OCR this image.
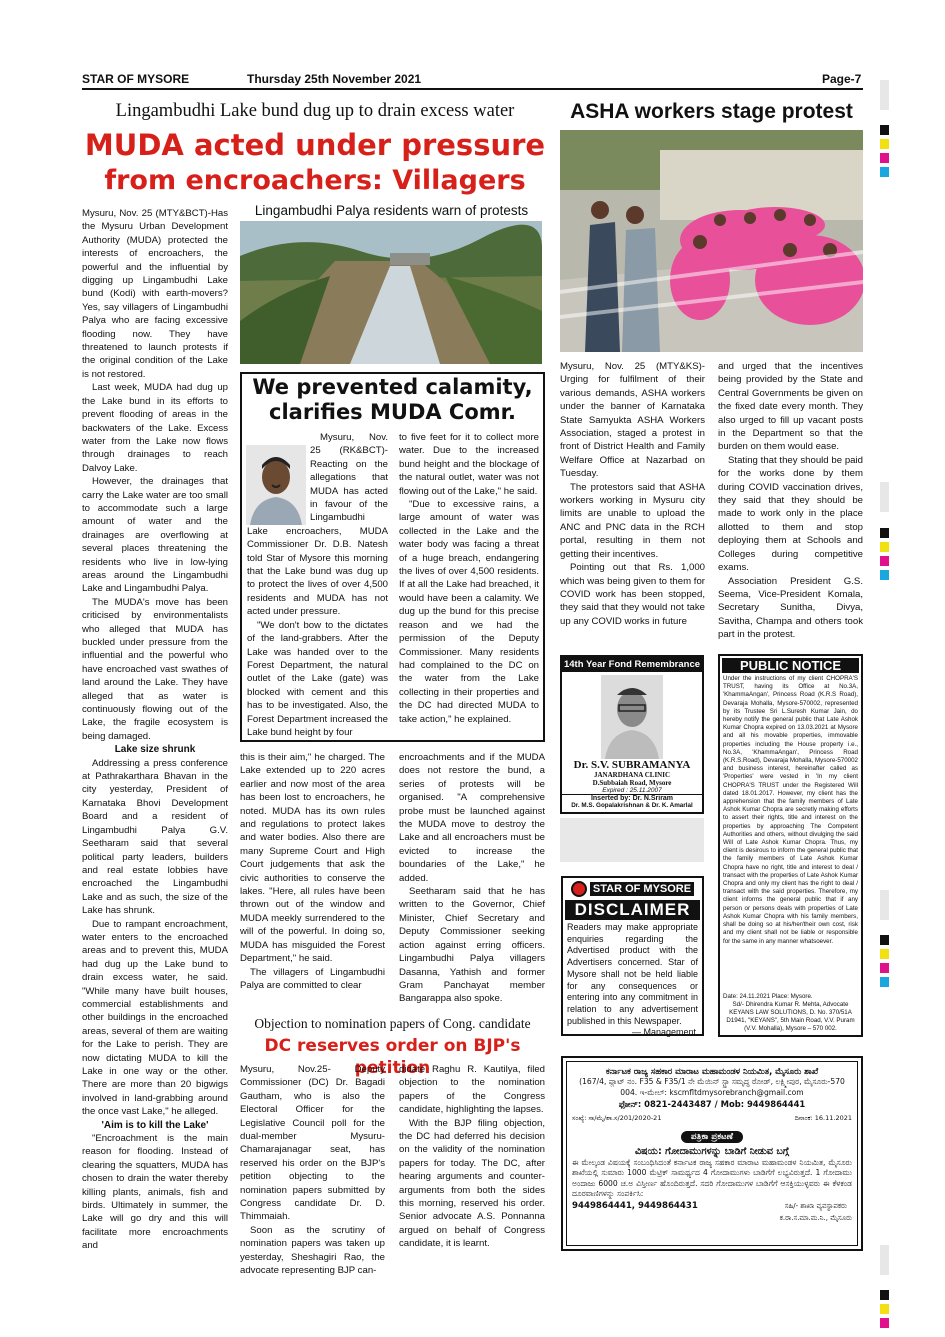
STAR OF MYSORE	Thursday 25th November 2021	Page-7
Lingambudhi Lake bund dug up to drain excess water
MUDA acted under pressure
from encroachers: Villagers
Lingambudhi Palya residents warn of protests

Mysuru, Nov. 25 (MTY&BCT)-Has the Mysuru Urban Development Authority (MUDA) protected the interests of encroachers, the powerful and the influential by digging up Lingambudhi Lake bund (Kodi) with earth-movers? Yes, say villagers of Lingambudhi Palya who are facing excessive flooding now. They have threatened to launch protests if the original condition of the Lake is not restored.

Last week, MUDA had dug up the Lake bund in its efforts to prevent flooding of areas in the backwaters of the Lake. Excess water from the Lake now flows through drainages to reach Dalvoy Lake.

However, the drainages that carry the Lake water are too small to accommodate such a large amount of water and the drainages are overflowing at several places threatening the residents who live in low-lying areas around the Lingambudhi Lake and Lingambudhi Palya.

The MUDA's move has been criticised by environmentalists who alleged that MUDA has buckled under pressure from the influential and the powerful who have encroached vast swathes of land around the Lake. They have alleged that as water is continuously flowing out of the Lake, the fragile ecosystem is being damaged.

Lake size shrunk

Addressing a press conference at Pathrakarthara Bhavan in the city yesterday, President of Karnataka Bhovi Development Board and a resident of Lingambudhi Palya G.V. Seetharam said that several political party leaders, builders and real estate lobbies have encroached the Lingambudhi Lake and as such, the size of the Lake has shrunk.

Due to rampant encroachment, water enters to the encroached areas and to prevent this, MUDA had dug up the Lake bund to drain excess water, he said. "While many have built houses, commercial establishments and other buildings in the encroached areas, several of them are waiting for the Lake to perish. They are now dictating MUDA to kill the Lake in one way or the other. There are more than 20 bigwigs involved in land-grabbing around the once vast Lake," he alleged.

'Aim is to kill the Lake'

"Encroachment is the main reason for flooding. Instead of clearing the squatters, MUDA has chosen to drain the water thereby killing plants, animals, fish and birds. Ultimately in summer, the Lake will go dry and this will facilitate more encroachments and

this is their aim," he charged. The Lake extended up to 220 acres earlier and now most of the area has been lost to encroachers, he noted. MUDA has its own rules and regulations to protect lakes and water bodies. Also there are many Supreme Court and High Court judgements that ask the civic authorities to conserve the lakes. "Here, all rules have been thrown out of the window and MUDA meekly surrendered to the will of the powerful. In doing so, MUDA has misguided the Forest Department," he said.

The villagers of Lingambudhi Palya are committed to clear

encroachments and if the MUDA does not restore the bund, a series of protests will be organised. "A comprehensive probe must be launched against the MUDA move to destroy the Lake and all encroachers must be evicted to increase the boundaries of the Lake," he added.

Seetharam said that he has written to the Governor, Chief Minister, Chief Secretary and Deputy Commissioner seeking action against erring officers. Lingambudhi Palya villagers Dasanna, Yathish and former Gram Panchayat member Bangarappa also spoke.

We prevented calamity,
clarifies MUDA Comr.

Mysuru, Nov. 25 (RK&BCT)-Reacting on the allegations that MUDA has acted in favour of the Lingambudhi Lake encroachers, MUDA Commissioner Dr. D.B. Natesh told Star of Mysore this morning that the Lake bund was dug up to protect the lives of over 4,500 residents and MUDA has not acted under pressure.

"We don't bow to the dictates of the land-grabbers. After the Lake was handed over to the Forest Department, the natural outlet of the Lake (gate) was blocked with cement and this has to be investigated. Also, the Forest Department increased the Lake bund height by four

to five feet for it to collect more water. Due to the increased bund height and the blockage of the natural outlet, water was not flowing out of the Lake," he said.

"Due to excessive rains, a large amount of water was collected in the Lake and the water body was facing a threat of a huge breach, endangering the lives of over 4,500 residents. If at all the Lake had breached, it would have been a calamity. We dug up the bund for this precise reason and we had the permission of the Deputy Commissioner. Many residents had complained to the DC on the water from the Lake collecting in their properties and the DC had directed MUDA to take action," he explained.

Objection to nomination papers of Cong. candidate
DC reserves order on BJP's petition

Mysuru, Nov.25- Deputy Commissioner (DC) Dr. Bagadi Gautham, who is also the Electoral Officer for the Legislative Council poll for the dual-member Mysuru-Chamarajanagar seat, has reserved his order on the BJP's petition objecting to the nomination papers submitted by Congress candidate Dr. D. Thimmaiah.

Soon as the scrutiny of nomination papers was taken up yesterday, Sheshagiri Rao, the advocate representing BJP can-

didate Raghu R. Kautilya, filed objection to the nomination papers of the Congress candidate, highlighting the lapses.

With the BJP filing objection, the DC had deferred his decision on the validity of the nomination papers for today. The DC, after hearing arguments and counter-arguments from both the sides this morning, reserved his order. Senior advocate A.S. Ponnanna argued on behalf of Congress candidate, it is learnt.

ASHA workers stage protest

Mysuru, Nov. 25 (MTY&KS)-Urging for fulfilment of their various demands, ASHA workers under the banner of Karnataka State Samyukta ASHA Workers Association, staged a protest in front of District Health and Family Welfare Office at Nazarbad on Tuesday.

The protestors said that ASHA workers working in Mysuru city limits are unable to upload the ANC and PNC data in the RCH portal, resulting in them not getting their incentives.

Pointing out that Rs. 1,000 which was being given to them for COVID work has been stopped, they said that they would not take up any COVID works in future

and urged that the incentives being provided by the State and Central Governments be given on the fixed date every month. They also urged to fill up vacant posts in the Department so that the burden on them would ease.

Stating that they should be paid for the works done by them during COVID vaccination drives, they said that they should be made to work only in the place allotted to them and stop deploying them at Schools and Colleges during competitive exams.

Association President G.S. Seema, Vice-President Komala, Secretary Sunitha, Divya, Savitha, Champa and others took part in the protest.

14th Year Fond Remembrance
Dr. S.V. SUBRAMANYA
JANARDHANA CLINIC
D.Subbaiah Road, Mysore
Expired : 25.11.2007
Inserted by: Dr. N.Sriram
Dr. M.S. Gopalakrishnan & Dr. K. Amarlal
STAR OF MYSORE
DISCLAIMER
Readers may make appropriate enquiries regarding the Advertised product with the Advertisers concerned. Star of Mysore shall not be held liable for any consequences or entering into any commitment in relation to any advertisement published in this Newspaper.
— Management
PUBLIC NOTICE
Under the instructions of my client CHOPRA'S TRUST, having its Office at No.3A, 'KhammaAngan', Princess Road (K.R.S Road), Devaraja Mohalla, Mysore-570002, represented by its Trustee Sri L.Suresh Kumar Jain, do hereby notify the general public that Late Ashok Kumar Chopra expired on 13.03.2021 at Mysore and all his movable properties, immovable properties including the House property i.e., No.3A, 'KhammaAngan', Princess Road (K.R.S.Road), Devaraja Mohalla, Mysore-570002 and business interest, hereinafter called as 'Properties' were vested in 'In my client CHOPRA'S TRUST under the Registered Will dated 18.01.2017. However, my client has the apprehension that the family members of Late Ashok Kumar Chopra are secretly making efforts to assert their rights, title and interest on the properties by approaching The Competent Authorities and others, without divulging the said Will of Late Ashok Kumar Chopra. Thus, my client is desirous to inform the general public that the family members of Late Ashok Kumar Chopra have no right, title and interest to deal / transact with the properties of Late Ashok Kumar Chopra and only my client has the right to deal / transact with the said properties. Therefore, my client informs the general public that if any person or persons deals with properties of Late Ashok Kumar Chopra with his family members, shall be doing so at his/her/their own cost, risk and my client shall not be liable or responsible for the same in any manner whatsoever.
Date: 24.11.2021 Place: Mysore.
Sd/- Dhirendra Kumar R. Mehta, Advocate KEYANS LAW SOLUTIONS, D. No. 370/51A D1941, "KEYANS", 5th Main Road, V.V. Puram (V.V. Mohalla), Mysore – 570 002.
ಕರ್ನಾಟಕ ರಾಜ್ಯ ಸಹಕಾರ ಮಾರಾಟ ಮಹಾಮಂಡಳ ನಿಯಮಿತ, ಮೈಸೂರು ಶಾಖೆ
(167/4, ಪ್ಲಾಟ್ ನಂ. F35 & F35/1 ನೇ ಮೆಯಿನ್ ಸ್ಟ್ರಾ ಸಮೃದ್ಧ ರೋಡ್, ಲಕ್ಷ್ಮೀಪುರ, ಮೈಸೂರು-570 004. ಇ-ಮೇಲ್: kscmfltdmysorebranch@gmail.com
ಫೋನ್: 0821-2443487 / Mob: 9449864441
ಸಂಖ್ಯೆ: ಸಾ/ಮೈ/ಶಾ.ಸ/201/2020-21	ದಿನಾಂಕ: 16.11.2021
ಪತ್ರಿಕಾ ಪ್ರಕಟಣೆ
ವಿಷಯ: ಗೋದಾಮುಗಳನ್ನು ಬಾಡಿಗೆ ನೀಡುವ ಬಗ್ಗೆ
ಈ ಮೇಲ್ಕಂಡ ವಿಷಯಕ್ಕೆ ಸಂಬಂಧಿಸಿದಂತೆ ಕರ್ನಾಟಕ ರಾಜ್ಯ ಸಹಕಾರ ಮಾರಾಟ ಮಹಾಮಂಡಳ ನಿಯಮಿತ, ಮೈಸೂರು ಶಾಖೆಯಲ್ಲಿ ಸುಮಾರು 1000 ಮೆಟ್ರಿಕ್ ಸಾಮರ್ಥ್ಯದ 4 ಗೋದಾಮುಗಳು ಬಾಡಿಗೆಗೆ ಲಭ್ಯವಿರುತ್ತದೆ. 1 ಗೋದಾಮು ಅಂದಾಜು 6000 ಚ.ಅ ವಿಸ್ತೀರ್ಣ ಹೊಂದಿರುತ್ತದೆ. ಸದರಿ ಗೋದಾಮುಗಳ ಬಾಡಿಗೆಗೆ ಆಸಕ್ತಿಯುಳ್ಳವರು ಈ ಕೆಳಕಂಡ ದೂರವಾಣಿಗಳನ್ನು ಸಂಪರ್ಕಿಸಿ:
9449864441, 9449864431	ಸಹಿ/- ಶಾಖಾ ವ್ಯವಸ್ಥಾಪಕರು
ಕ.ರಾ.ಸ.ಮಾ.ಮ.ನಿ., ಮೈಸೂರು
